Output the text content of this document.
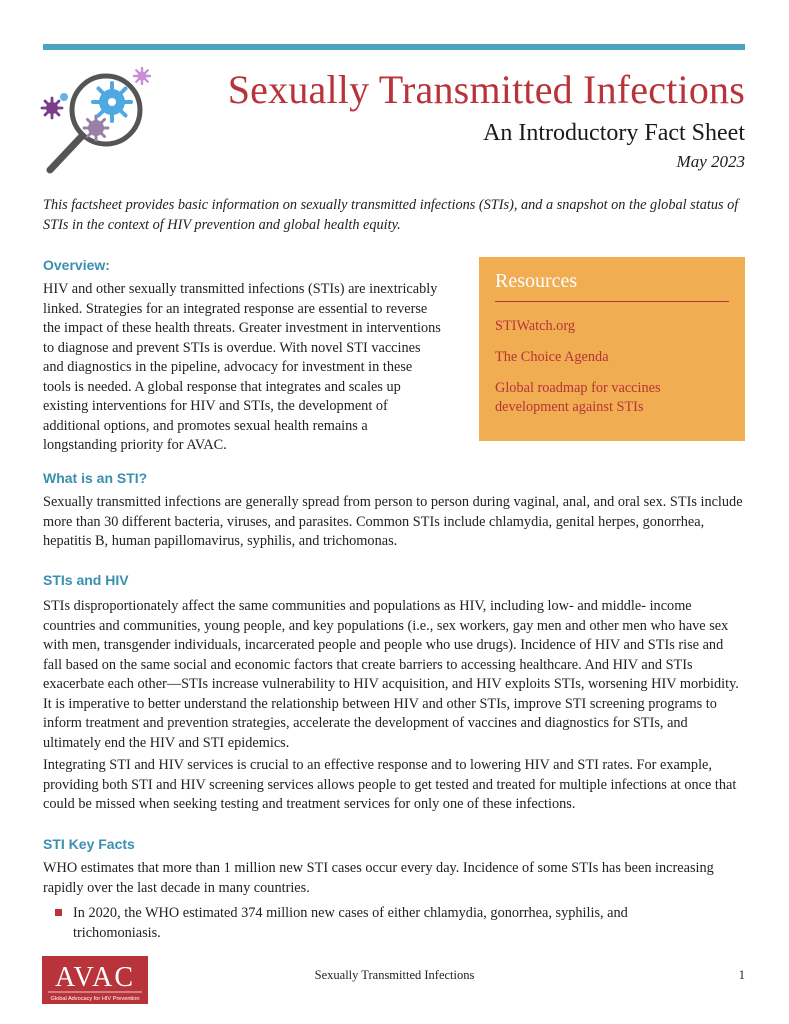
Sexually Transmitted Infections
An Introductory Fact Sheet
May 2023
This factsheet provides basic information on sexually transmitted infections (STIs), and a snapshot on the global status of STIs in the context of HIV prevention and global health equity.
Overview:
HIV and other sexually transmitted infections (STIs) are inextricably linked. Strategies for an integrated response are essential to reverse the impact of these health threats. Greater investment in interventions to diagnose and prevent STIs is overdue. With novel STI vaccines and diagnostics in the pipeline, advocacy for investment in these tools is needed. A global response that integrates and scales up existing interventions for HIV and STIs, the development of additional options, and promotes sexual health remains a longstanding priority for AVAC.
Resources
STIWatch.org
The Choice Agenda
Global roadmap for vaccines development against STIs
What is an STI?
Sexually transmitted infections are generally spread from person to person during vaginal, anal, and oral sex. STIs include more than 30 different bacteria, viruses, and parasites. Common STIs include chlamydia, genital herpes, gonorrhea, hepatitis B, human papillomavirus, syphilis, and trichomonas.
STIs and HIV
STIs disproportionately affect the same communities and populations as HIV, including low- and middle- income countries and communities, young people, and key populations (i.e., sex workers, gay men and other men who have sex with men, transgender individuals, incarcerated people and people who use drugs). Incidence of HIV and STIs rise and fall based on the same social and economic factors that create barriers to accessing healthcare. And HIV and STIs exacerbate each other—STIs increase vulnerability to HIV acquisition, and HIV exploits STIs, worsening HIV morbidity. It is imperative to better understand the relationship between HIV and other STIs, improve STI screening programs to inform treatment and prevention strategies, accelerate the development of vaccines and diagnostics for STIs, and ultimately end the HIV and STI epidemics.
Integrating STI and HIV services is crucial to an effective response and to lowering HIV and STI rates. For example, providing both STI and HIV screening services allows people to get tested and treated for multiple infections at once that could be missed when seeking testing and treatment services for only one of these infections.
STI Key Facts
WHO estimates that more than 1 million new STI cases occur every day. Incidence of some STIs has been increasing rapidly over the last decade in many countries.
In 2020, the WHO estimated 374 million new cases of either chlamydia, gonorrhea, syphilis, and trichomoniasis.
AVAC
Global Advocacy for HIV Prevention
Sexually Transmitted Infections	1
